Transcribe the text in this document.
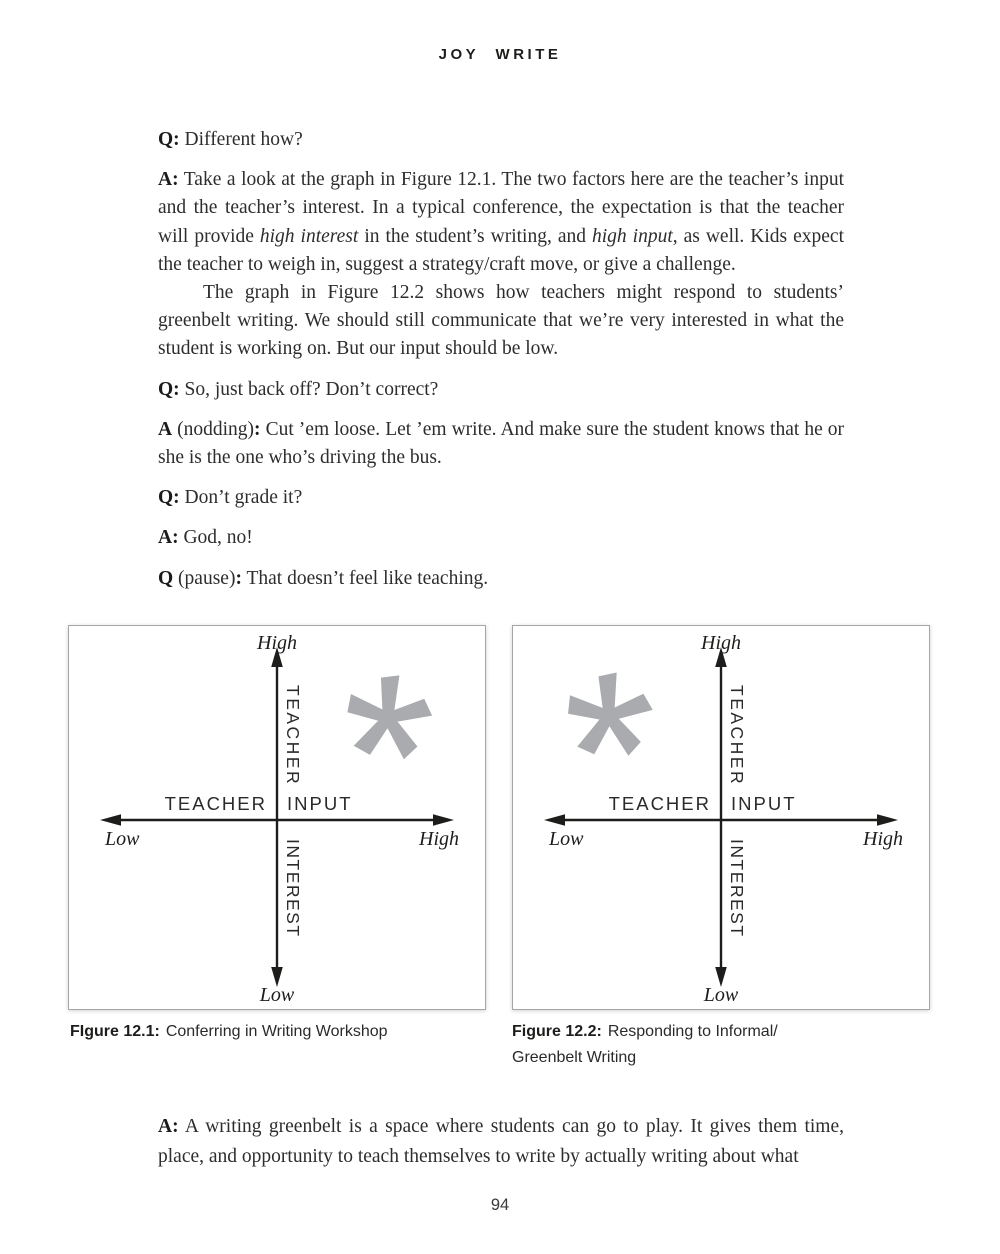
JOY WRITE

Q: Different how?

A: Take a look at the graph in Figure 12.1. The two factors here are the teacher’s input and the teacher’s interest. In a typical conference, the expectation is that the teacher will provide high interest in the student’s writing, and high input, as well. Kids expect the teacher to weigh in, suggest a strategy/craft move, or give a challenge.

The graph in Figure 12.2 shows how teachers might respond to students’ greenbelt writing. We should still communicate that we’re very interested in what the student is working on. But our input should be low.

Q: So, just back off? Don’t correct?

A (nodding): Cut ’em loose. Let ’em write. And make sure the student knows that he or she is the one who’s driving the bus.

Q: Don’t grade it?

A: God, no!

Q (pause): That doesn’t feel like teaching.

High
TEACHER
TEACHER INPUT
INTEREST
Low	High
Low
High
TEACHER
TEACHER INPUT
INTEREST
Low	High
Low
FIgure 12.1: Conferring in Writing Workshop	Figure 12.2: Responding to Informal/
Greenbelt Writing
A: A writing greenbelt is a space where students can go to play. It gives them time, place, and opportunity to teach themselves to write by actually writing about what
94
